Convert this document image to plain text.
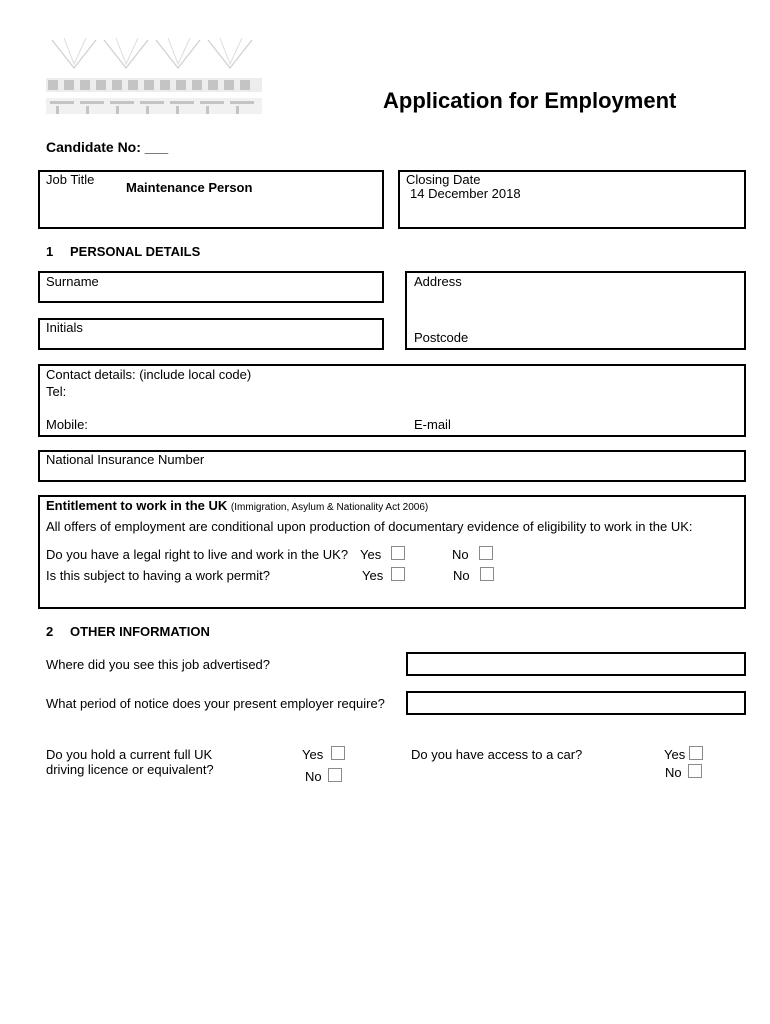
Application for Employment
Candidate No: ___
Job Title
Maintenance Person
Closing Date
14 December 2018
1 PERSONAL DETAILS
Surname
Initials
Address
Postcode
Contact details: (include local code)
Tel:
Mobile:	E-mail
National Insurance Number
Entitlement to work in the UK (Immigration, Asylum & Nationality Act 2006)
All offers of employment are conditional upon production of documentary evidence of eligibility to work in the UK:
Do you have a legal right to live and work in the UK? Yes	No
Is this subject to having a work permit?	Yes	No
2 OTHER INFORMATION
Where did you see this job advertised?
What period of notice does your present employer require?
Do you hold a current full UK
driving licence or equivalent?
Yes
No
Do you have access to a car?	Yes
No
